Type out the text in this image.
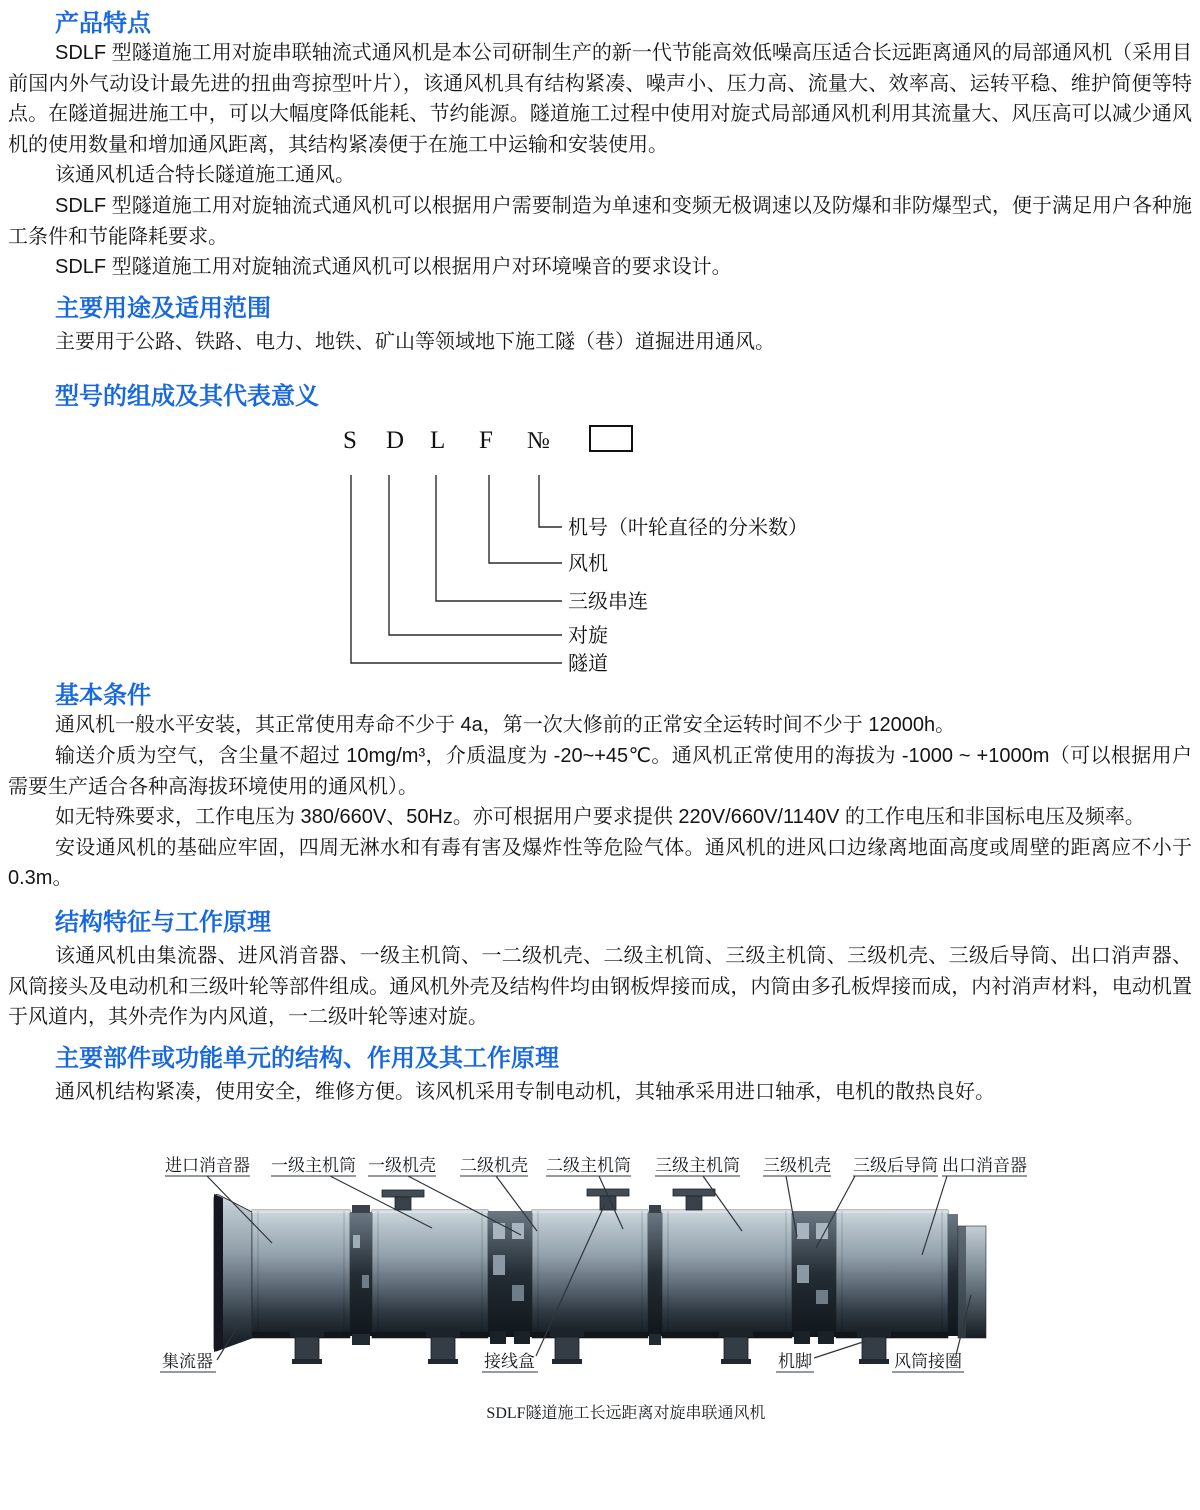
产品特点

SDLF 型隧道施工用对旋串联轴流式通风机是本公司研制生产的新一代节能高效低噪高压适合长远距离通风的局部通风机（采用目前国内外气动设计最先进的扭曲弯掠型叶片），该通风机具有结构紧凑、噪声小、压力高、流量大、效率高、运转平稳、维护简便等特点。在隧道掘进施工中，可以大幅度降低能耗、节约能源。隧道施工过程中使用对旋式局部通风机利用其流量大、风压高可以减少通风机的使用数量和增加通风距离，其结构紧凑便于在施工中运输和安装使用。

该通风机适合特长隧道施工通风。

SDLF 型隧道施工用对旋轴流式通风机可以根据用户需要制造为单速和变频无极调速以及防爆和非防爆型式，便于满足用户各种施工条件和节能降耗要求。

SDLF 型隧道施工用对旋轴流式通风机可以根据用户对环境噪音的要求设计。

主要用途及适用范围

主要用于公路、铁路、电力、地铁、矿山等领域地下施工隧（巷）道掘进用通风。

型号的组成及其代表意义
S D L F №
机号（叶轮直径的分米数）
风机
三级串连
对旋
隧道
基本条件

通风机一般水平安装，其正常使用寿命不少于 4a，第一次大修前的正常安全运转时间不少于 12000h。

输送介质为空气，含尘量不超过 10mg/m³，介质温度为 -20~+45℃。通风机正常使用的海拔为 -1000 ~ +1000m（可以根据用户需要生产适合各种高海拔环境使用的通风机）。

如无特殊要求，工作电压为 380/660V、50Hz。亦可根据用户要求提供 220V/660V/1140V 的工作电压和非国标电压及频率。

安设通风机的基础应牢固，四周无淋水和有毒有害及爆炸性等危险气体。通风机的进风口边缘离地面高度或周壁的距离应不小于 0.3m。

结构特征与工作原理

该通风机由集流器、进风消音器、一级主机筒、一二级机壳、二级主机筒、三级主机筒、三级机壳、三级后导筒、出口消声器、风筒接头及电动机和三级叶轮等部件组成。通风机外壳及结构件均由钢板焊接而成，内筒由多孔板焊接而成，内衬消声材料，电动机置于风道内，其外壳作为内风道，一二级叶轮等速对旋。

主要部件或功能单元的结构、作用及其工作原理

通风机结构紧凑，使用安全，维修方便。该风机采用专制电动机，其轴承采用进口轴承，电机的散热良好。

进口消音器 一级主机筒 一级机壳 二级机壳 二级主机筒 三级主机筒 三级机壳 三级后导筒 出口消音器
集流器	接线盒	机脚	风筒接圈
SDLF隧道施工长远距离对旋串联通风机
